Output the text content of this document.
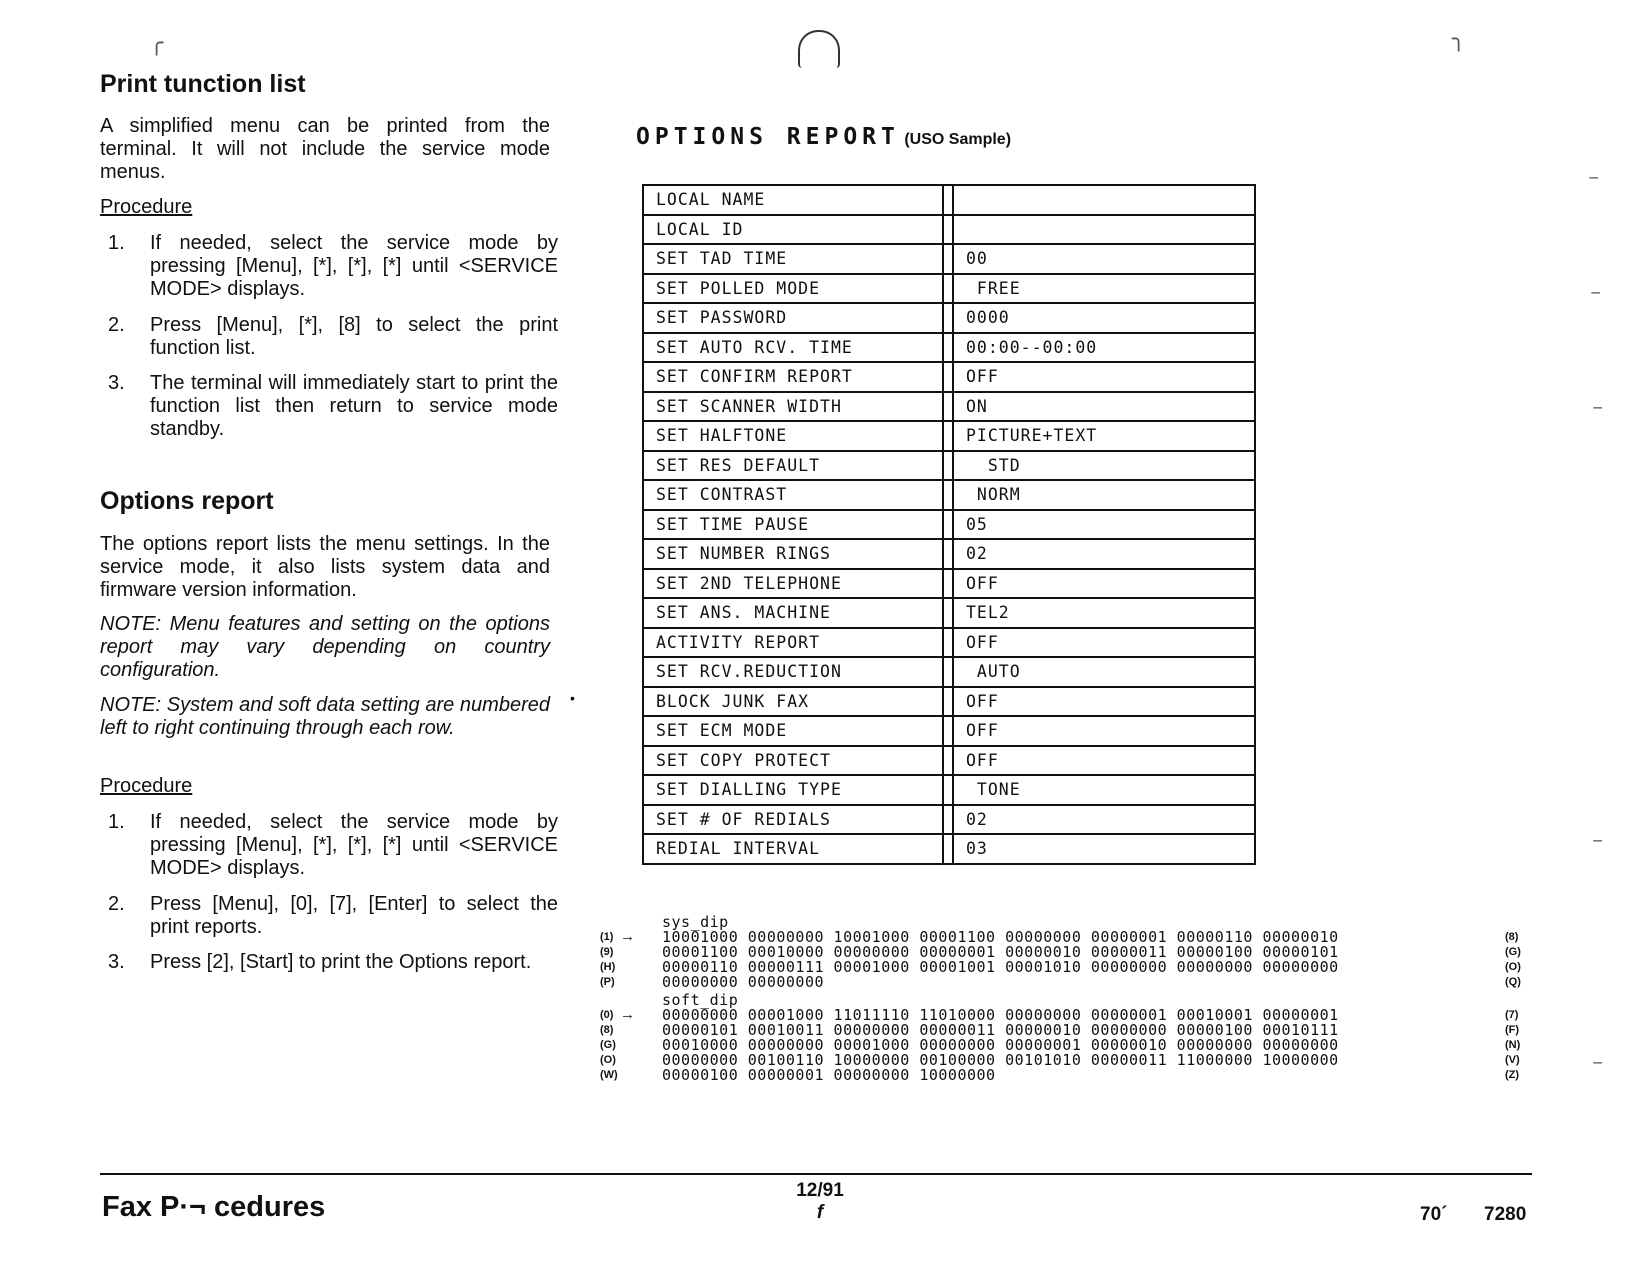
╭	╮
Print tunction list
A simplified menu can be printed from the terminal. It will not include the service mode menus.
Procedure
1. If needed, select the service mode by pressing [Menu], [*], [*], [*] until <SERVICE MODE> displays.
2. Press [Menu], [*], [8] to select the print function list.
3. The terminal will immediately start to print the function list then return to service mode standby.
Options report
The options report lists the menu settings. In the service mode, it also lists system data and firmware version information.
NOTE: Menu features and setting on the options report may vary depending on country configuration.
NOTE: System and soft data setting are numbered left to right continuing through each row.
•
Procedure
1. If needed, select the service mode by pressing [Menu], [*], [*], [*] until <SERVICE MODE> displays.
2. Press [Menu], [0], [7], [Enter] to select the print reports.
3. Press [2], [Start] to print the Options report.
OPTIONS REPORT (USO Sample)
LOCAL NAME		
LOCAL ID		
SET TAD TIME		00
SET POLLED MODE		FREE
SET PASSWORD		0000
SET AUTO RCV. TIME		00:00--00:00
SET CONFIRM REPORT		OFF
SET SCANNER WIDTH		ON
SET HALFTONE		PICTURE+TEXT
SET RES DEFAULT		STD
SET CONTRAST		NORM
SET TIME PAUSE		05
SET NUMBER RINGS		02
SET 2ND TELEPHONE		OFF
SET ANS. MACHINE		TEL2
ACTIVITY REPORT		OFF
SET RCV.REDUCTION		AUTO
BLOCK JUNK FAX		OFF
SET ECM MODE		OFF
SET COPY PROTECT		OFF
SET DIALLING TYPE		TONE
SET # OF REDIALS		02
REDIAL INTERVAL		03
sys_dip
(1) → 10001000 00000000 10001000 00001100 00000000 00000001 00000110 00000010	(8)
(9)	00001100 00010000 00000000 00000001 00000010 00000011 00000100 00000101	(G)
(H)	00000110 00000111 00001000 00001001 00001010 00000000 00000000 00000000	(O)
(P)	00000000 00000000	(Q)
soft_dip
(0) → 00000000 00001000 11011110 11010000 00000000 00000001 00010001 00000001	(7)
(8)	00000101 00010011 00000000 00000011 00000010 00000000 00000100 00010111	(F)
(G)	00010000 00000000 00001000 00000000 00000001 00000010 00000000 00000000	(N)
(O)	00000000 00100110 10000000 00100000 00101010 00000011 11000000 10000000	(V)
(W)	00000100 00000001 00000000 10000000	(Z)
‾
‾
‾
‾
‾
Fax P·¬ cedures
12/91
f	70´ 7280
